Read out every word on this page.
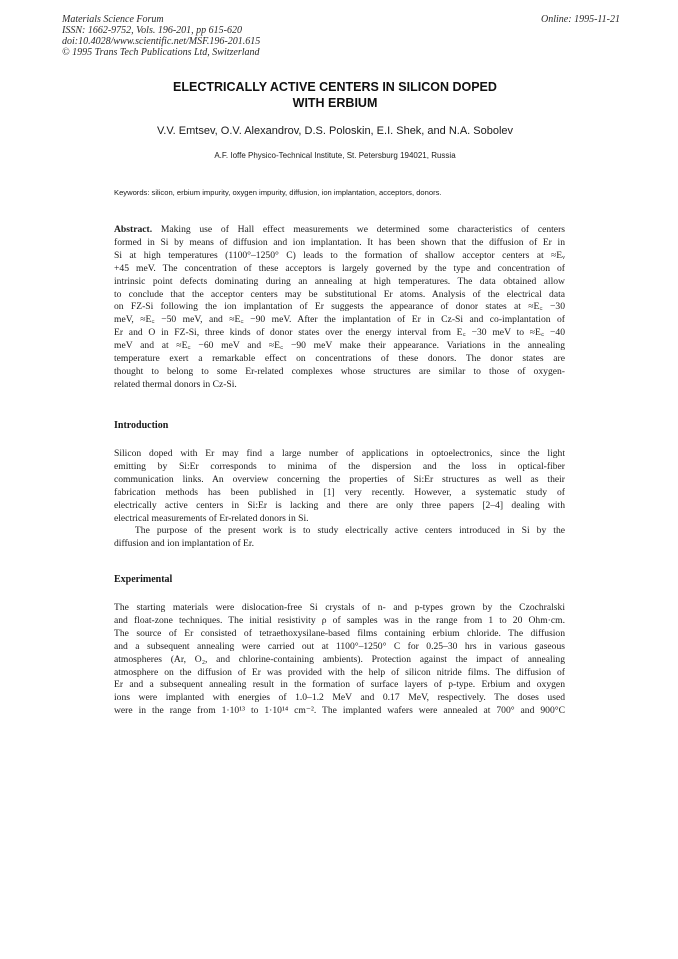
Materials Science Forum
ISSN: 1662-9752, Vols. 196-201, pp 615-620
doi:10.4028/www.scientific.net/MSF.196-201.615
© 1995 Trans Tech Publications Ltd, Switzerland
Online: 1995-11-21
ELECTRICALLY ACTIVE CENTERS IN SILICON DOPED
WITH ERBIUM
V.V. Emtsev, O.V. Alexandrov, D.S. Poloskin, E.I. Shek, and N.A. Sobolev
A.F. Ioffe Physico-Technical Institute, St. Petersburg 194021, Russia
Keywords: silicon, erbium impurity, oxygen impurity, diffusion, ion implantation, acceptors, donors.
Abstract. Making use of Hall effect measurements we determined some characteristics of centers
formed in Si by means of diffusion and ion implantation. It has been shown that the diffusion of Er in
Si at high temperatures (1100°–1250° C) leads to the formation of shallow acceptor centers at ≈Eᵥ
+45 meV. The concentration of these acceptors is largely governed by the type and concentration of
intrinsic point defects dominating during an annealing at high temperatures. The data obtained allow
to conclude that the acceptor centers may be substitutional Er atoms. Analysis of the electrical data
on FZ-Si following the ion implantation of Er suggests the appearance of donor states at ≈E꜀ −30
meV, ≈E꜀ −50 meV, and ≈E꜀ −90 meV. After the implantation of Er in Cz-Si and co-implantation of
Er and O in FZ-Si, three kinds of donor states over the energy interval from E꜀ −30 meV to ≈E꜀ −40
meV and at ≈E꜀ −60 meV and ≈E꜀ −90 meV make their appearance. Variations in the annealing
temperature exert a remarkable effect on concentrations of these donors. The donor states are
thought to belong to some Er-related complexes whose structures are similar to those of oxygen-
related thermal donors in Cz-Si.
Introduction
Silicon doped with Er may find a large number of applications in optoelectronics, since the light
emitting by Si:Er corresponds to minima of the dispersion and the loss in optical-fiber
communication links. An overview concerning the properties of Si:Er structures as well as their
fabrication methods has been published in [1] very recently. However, a systematic study of
electrically active centers in Si:Er is lacking and there are only three papers [2–4] dealing with
electrical measurements of Er-related donors in Si.
The purpose of the present work is to study electrically active centers introduced in Si by the
diffusion and ion implantation of Er.
Experimental
The starting materials were dislocation-free Si crystals of n- and p-types grown by the Czochralski
and float-zone techniques. The initial resistivity ρ of samples was in the range from 1 to 20 Ohm·cm.
The source of Er consisted of tetraethoxysilane-based films containing erbium chloride. The diffusion
and a subsequent annealing were carried out at 1100°–1250° C for 0.25–30 hrs in various gaseous
atmospheres (Ar, O₂, and chlorine-containing ambients). Protection against the impact of annealing
atmosphere on the diffusion of Er was provided with the help of silicon nitride films. The diffusion of
Er and a subsequent annealing result in the formation of surface layers of p-type. Erbium and oxygen
ions were implanted with energies of 1.0–1.2 MeV and 0.17 MeV, respectively. The doses used
were in the range from 1·10¹³ to 1·10¹⁴ cm⁻². The implanted wafers were annealed at 700° and 900°C
